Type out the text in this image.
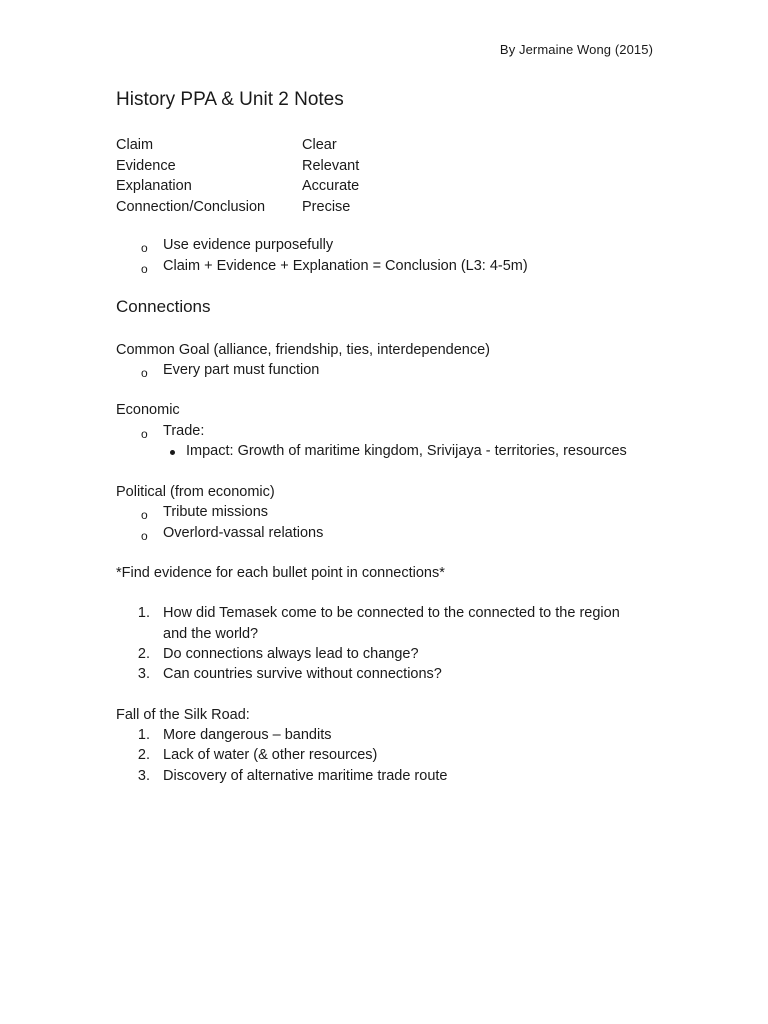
By Jermaine Wong (2015)
History PPA & Unit 2 Notes
Claim	Clear
Evidence	Relevant
Explanation	Accurate
Connection/Conclusion	Precise
o Use evidence purposefully
o Claim + Evidence + Explanation = Conclusion (L3: 4-5m)
Connections
Common Goal (alliance, friendship, ties, interdependence)
o Every part must function
Economic
o Trade:
Impact: Growth of maritime kingdom, Srivijaya - territories, resources
Political (from economic)
o Tribute missions
o Overlord-vassal relations
*Find evidence for each bullet point in connections*
1. How did Temasek come to be connected to the connected to the region
and the world?
2. Do connections always lead to change?
3. Can countries survive without connections?
Fall of the Silk Road:
1. More dangerous – bandits
2. Lack of water (& other resources)
3. Discovery of alternative maritime trade route
